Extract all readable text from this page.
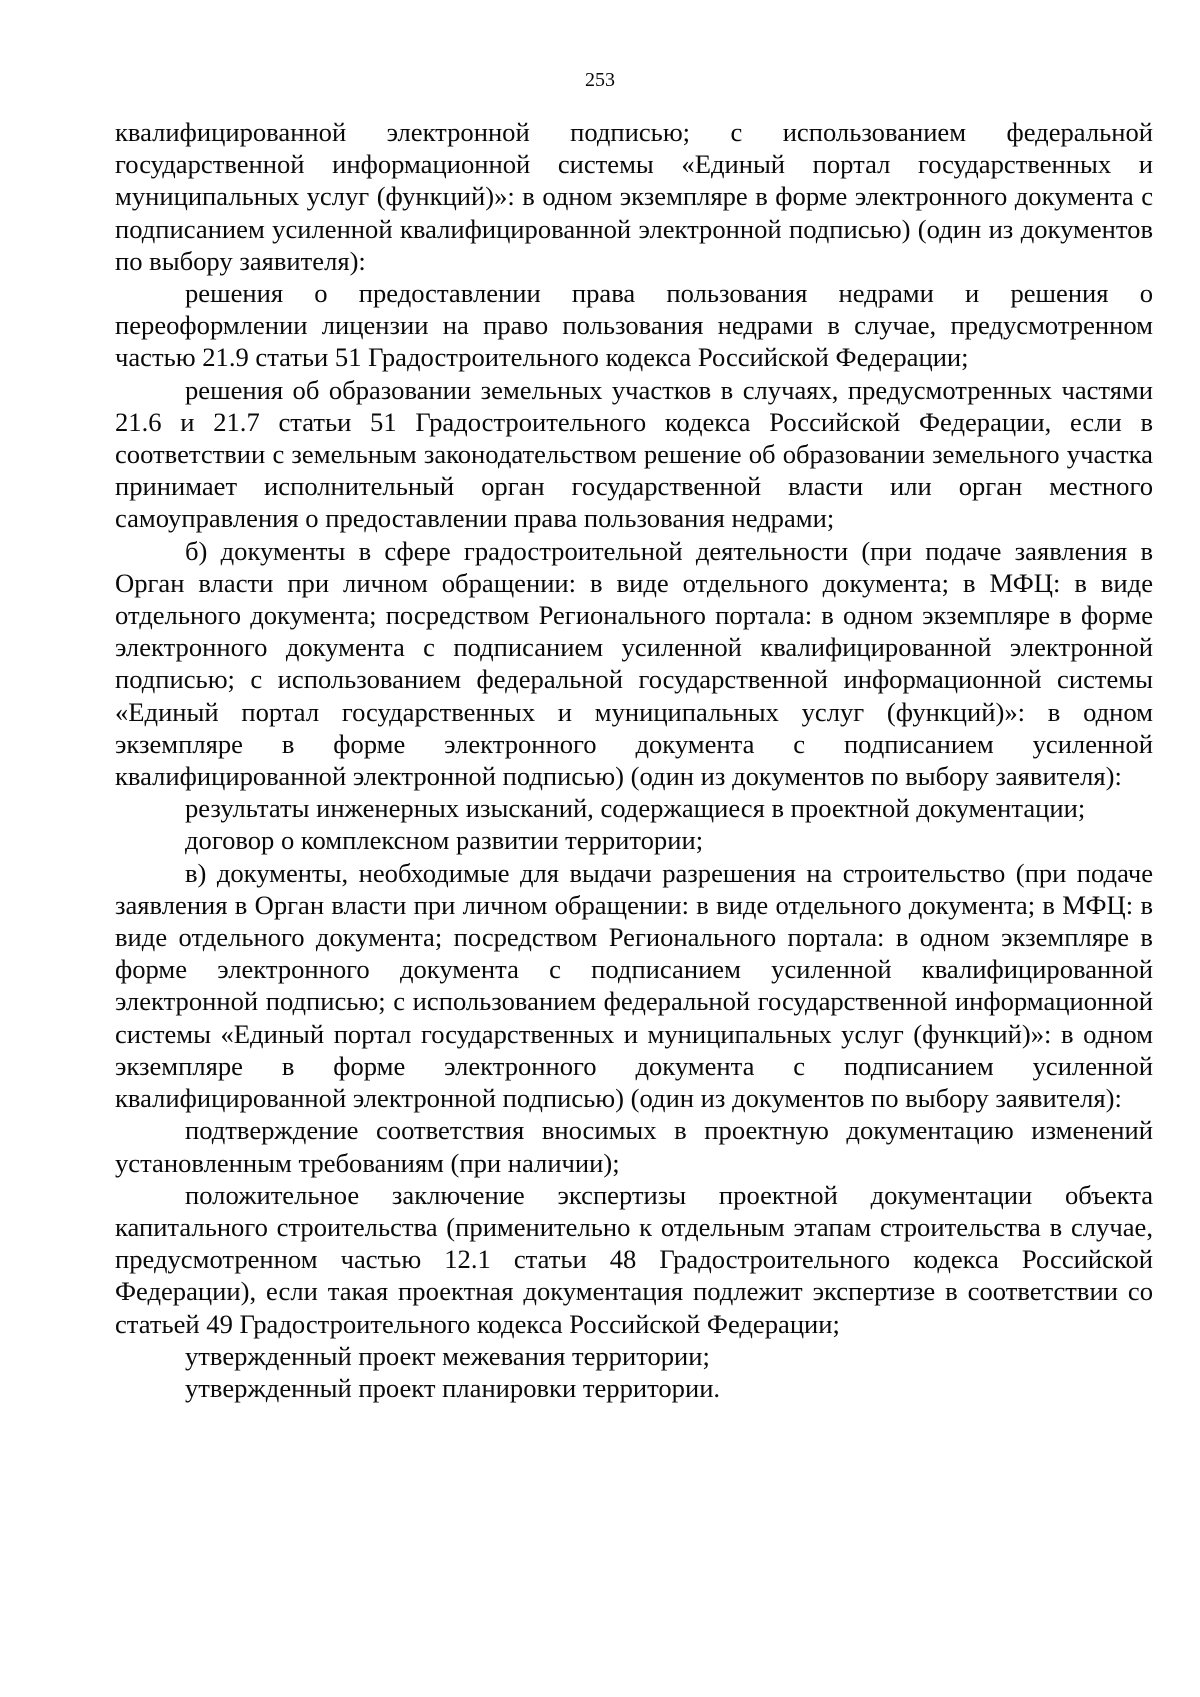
253

квалифицированной электронной подписью; с использованием федеральной государственной информационной системы «Единый портал государственных и муниципальных услуг (функций)»: в одном экземпляре в форме электронного документа с подписанием усиленной квалифицированной электронной подписью) (один из документов по выбору заявителя):

решения о предоставлении права пользования недрами и решения о переоформлении лицензии на право пользования недрами в случае, предусмотренном частью 21.9 статьи 51 Градостроительного кодекса Российской Федерации;

решения об образовании земельных участков в случаях, предусмотренных частями 21.6 и 21.7 статьи 51 Градостроительного кодекса Российской Федерации, если в соответствии с земельным законодательством решение об образовании земельного участка принимает исполнительный орган государственной власти или орган местного самоуправления о предоставлении права пользования недрами;

б) документы в сфере градостроительной деятельности (при подаче заявления в Орган власти при личном обращении: в виде отдельного документа; в МФЦ: в виде отдельного документа; посредством Регионального портала: в одном экземпляре в форме электронного документа с подписанием усиленной квалифицированной электронной подписью; с использованием федеральной государственной информационной системы «Единый портал государственных и муниципальных услуг (функций)»: в одном экземпляре в форме электронного документа с подписанием усиленной квалифицированной электронной подписью) (один из документов по выбору заявителя):

результаты инженерных изысканий, содержащиеся в проектной документации;

договор о комплексном развитии территории;

в) документы, необходимые для выдачи разрешения на строительство (при подаче заявления в Орган власти при личном обращении: в виде отдельного документа; в МФЦ: в виде отдельного документа; посредством Регионального портала: в одном экземпляре в форме электронного документа с подписанием усиленной квалифицированной электронной подписью; с использованием федеральной государственной информационной системы «Единый портал государственных и муниципальных услуг (функций)»: в одном экземпляре в форме электронного документа с подписанием усиленной квалифицированной электронной подписью) (один из документов по выбору заявителя):

подтверждение соответствия вносимых в проектную документацию изменений установленным требованиям (при наличии);

положительное заключение экспертизы проектной документации объекта капитального строительства (применительно к отдельным этапам строительства в случае, предусмотренном частью 12.1 статьи 48 Градостроительного кодекса Российской Федерации), если такая проектная документация подлежит экспертизе в соответствии со статьей 49 Градостроительного кодекса Российской Федерации;

утвержденный проект межевания территории;

утвержденный проект планировки территории.
